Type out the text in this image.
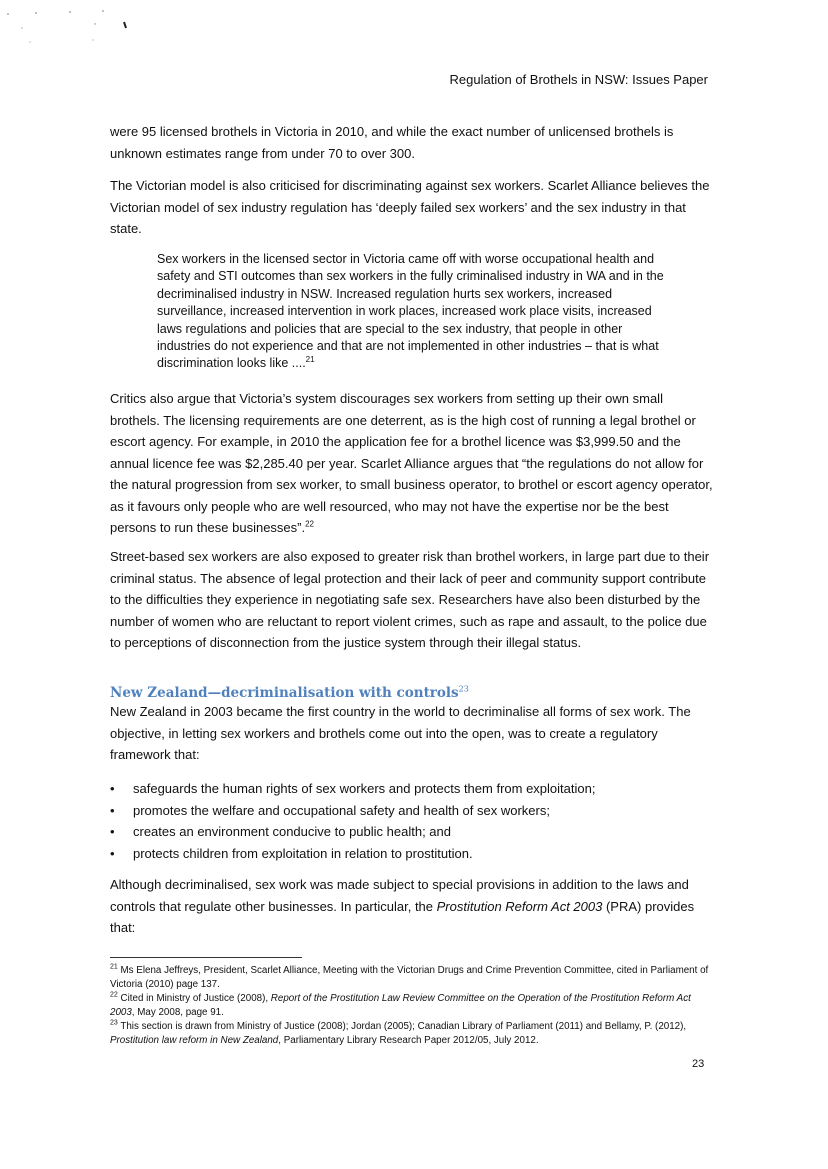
Regulation of Brothels in NSW: Issues Paper

were 95 licensed brothels in Victoria in 2010, and while the exact number of unlicensed brothels is unknown estimates range from under 70 to over 300.

The Victorian model is also criticised for discriminating against sex workers. Scarlet Alliance believes the Victorian model of sex industry regulation has ‘deeply failed sex workers’ and the sex industry in that state.

Sex workers in the licensed sector in Victoria came off with worse occupational health and safety and STI outcomes than sex workers in the fully criminalised industry in WA and in the decriminalised industry in NSW. Increased regulation hurts sex workers, increased surveillance, increased intervention in work places, increased work place visits, increased laws regulations and policies that are special to the sex industry, that people in other industries do not experience and that are not implemented in other industries – that is what discrimination looks like ....$^{21}$

Critics also argue that Victoria’s system discourages sex workers from setting up their own small brothels. The licensing requirements are one deterrent, as is the high cost of running a legal brothel or escort agency. For example, in 2010 the application fee for a brothel licence was $3,999.50 and the annual licence fee was $2,285.40 per year. Scarlet Alliance argues that “the regulations do not allow for the natural progression from sex worker, to small business operator, to brothel or escort agency operator, as it favours only people who are well resourced, who may not have the expertise nor be the best persons to run these businesses”.$^{22}$

Street-based sex workers are also exposed to greater risk than brothel workers, in large part due to their criminal status. The absence of legal protection and their lack of peer and community support contribute to the difficulties they experience in negotiating safe sex. Researchers have also been disturbed by the number of women who are reluctant to report violent crimes, such as rape and assault, to the police due to perceptions of disconnection from the justice system through their illegal status.

New Zealand—decriminalisation with controls$^{23}$

New Zealand in 2003 became the first country in the world to decriminalise all forms of sex work. The objective, in letting sex workers and brothels come out into the open, was to create a regulatory framework that:

• safeguards the human rights of sex workers and protects them from exploitation;
• promotes the welfare and occupational safety and health of sex workers;
• creates an environment conducive to public health; and
• protects children from exploitation in relation to prostitution.

Although decriminalised, sex work was made subject to special provisions in addition to the laws and controls that regulate other businesses. In particular, the Prostitution Reform Act 2003 (PRA) provides that:

$^{21}$ Ms Elena Jeffreys, President, Scarlet Alliance, Meeting with the Victorian Drugs and Crime Prevention Committee, cited in Parliament of Victoria (2010) page 137.

$^{22}$ Cited in Ministry of Justice (2008), Report of the Prostitution Law Review Committee on the Operation of the Prostitution Reform Act 2003, May 2008, page 91.

$^{23}$ This section is drawn from Ministry of Justice (2008); Jordan (2005); Canadian Library of Parliament (2011) and Bellamy, P. (2012), Prostitution law reform in New Zealand, Parliamentary Library Research Paper 2012/05, July 2012.

23
